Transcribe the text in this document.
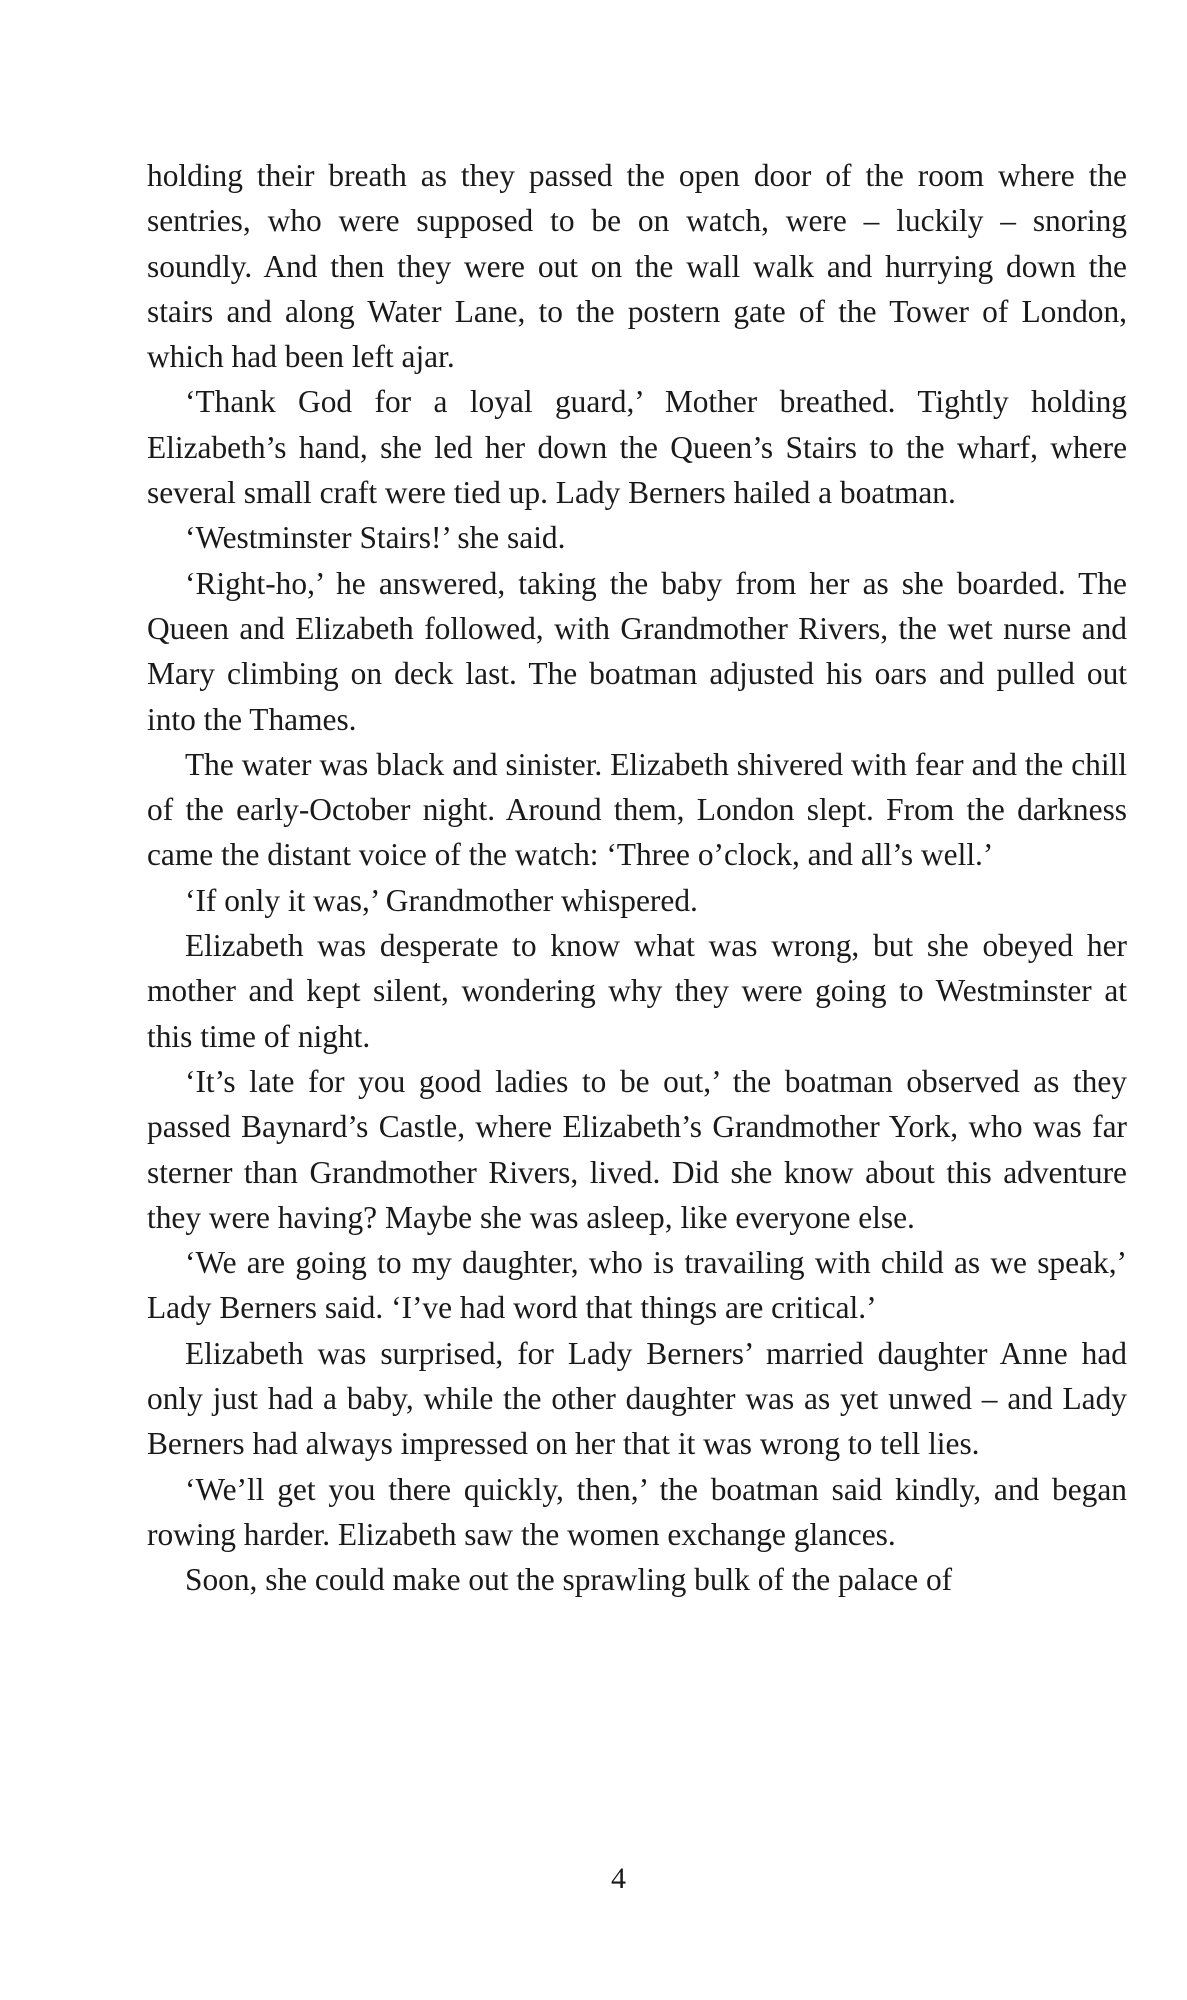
holding their breath as they passed the open door of the room where the sentries, who were supposed to be on watch, were – luckily – snoring soundly. And then they were out on the wall walk and hurrying down the stairs and along Water Lane, to the postern gate of the Tower of London, which had been left ajar.

‘Thank God for a loyal guard,’ Mother breathed. Tightly holding Elizabeth’s hand, she led her down the Queen’s Stairs to the wharf, where several small craft were tied up. Lady Berners hailed a boatman.

‘Westminster Stairs!’ she said.

‘Right-ho,’ he answered, taking the baby from her as she boarded. The Queen and Elizabeth followed, with Grandmother Rivers, the wet nurse and Mary climbing on deck last. The boatman adjusted his oars and pulled out into the Thames.

The water was black and sinister. Elizabeth shivered with fear and the chill of the early-October night. Around them, London slept. From the darkness came the distant voice of the watch: ‘Three o’clock, and all’s well.’

‘If only it was,’ Grandmother whispered.

Elizabeth was desperate to know what was wrong, but she obeyed her mother and kept silent, wondering why they were going to Westminster at this time of night.

‘It’s late for you good ladies to be out,’ the boatman observed as they passed Baynard’s Castle, where Elizabeth’s Grandmother York, who was far sterner than Grandmother Rivers, lived. Did she know about this adventure they were having? Maybe she was asleep, like everyone else.

‘We are going to my daughter, who is travailing with child as we speak,’ Lady Berners said. ‘I’ve had word that things are critical.’

Elizabeth was surprised, for Lady Berners’ married daughter Anne had only just had a baby, while the other daughter was as yet unwed – and Lady Berners had always impressed on her that it was wrong to tell lies.

‘We’ll get you there quickly, then,’ the boatman said kindly, and began rowing harder. Elizabeth saw the women exchange glances.

Soon, she could make out the sprawling bulk of the palace of

4
